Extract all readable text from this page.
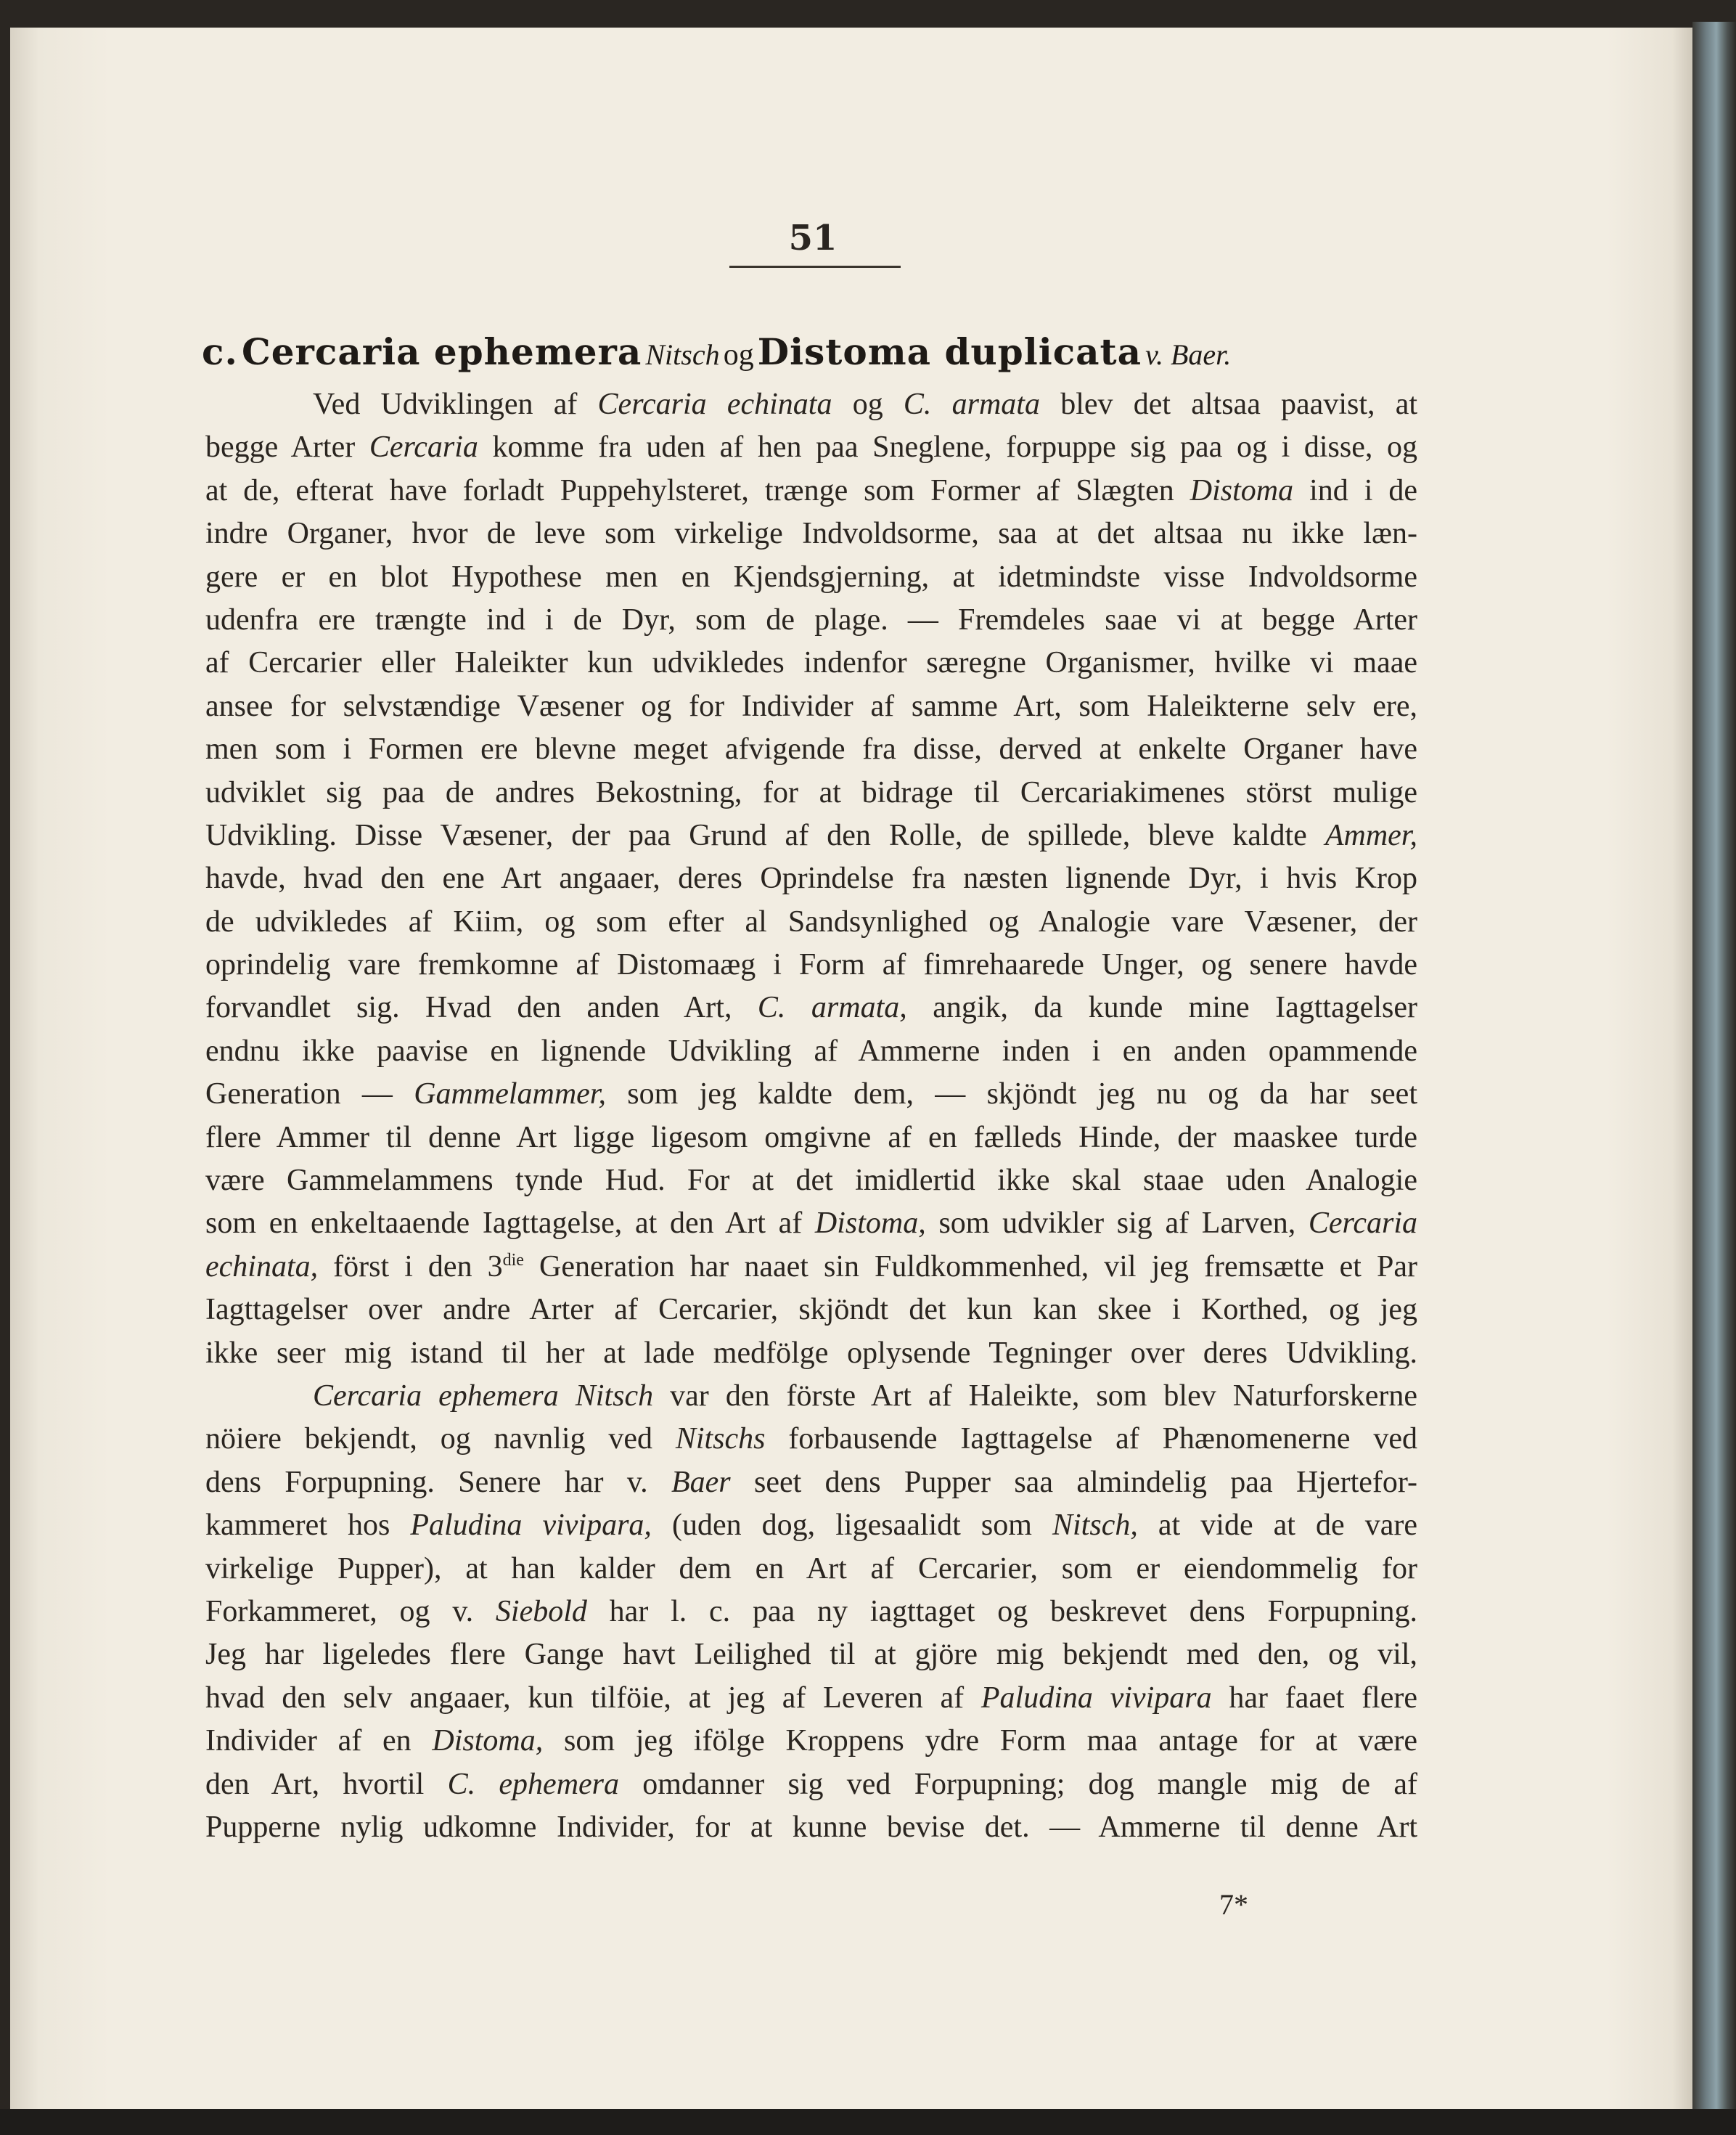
51
c. Cercaria ephemera Nitsch og Distoma duplicata v. Baer.
Ved Udviklingen af Cercaria echinata og C. armata blev det altsaa paavist, at
begge Arter Cercaria komme fra uden af hen paa Sneglene, forpuppe sig paa og i disse, og
at de, efterat have forladt Puppehylsteret, trænge som Former af Slægten Distoma ind i de
indre Organer, hvor de leve som virkelige Indvoldsorme, saa at det altsaa nu ikke læn-
gere er en blot Hypothese men en Kjendsgjerning, at idetmindste visse Indvoldsorme
udenfra ere trængte ind i de Dyr, som de plage. — Fremdeles saae vi at begge Arter
af Cercarier eller Haleikter kun udvikledes indenfor særegne Organismer, hvilke vi maae
ansee for selvstændige Væsener og for Individer af samme Art, som Haleikterne selv ere,
men som i Formen ere blevne meget afvigende fra disse, derved at enkelte Organer have
udviklet sig paa de andres Bekostning, for at bidrage til Cercariakimenes störst mulige
Udvikling. Disse Væsener, der paa Grund af den Rolle, de spillede, bleve kaldte Ammer,
havde, hvad den ene Art angaaer, deres Oprindelse fra næsten lignende Dyr, i hvis Krop
de udvikledes af Kiim, og som efter al Sandsynlighed og Analogie vare Væsener, der
oprindelig vare fremkomne af Distomaæg i Form af fimrehaarede Unger, og senere havde
forvandlet sig. Hvad den anden Art, C. armata, angik, da kunde mine Iagttagelser
endnu ikke paavise en lignende Udvikling af Ammerne inden i en anden opammende
Generation — Gammelammer, som jeg kaldte dem, — skjöndt jeg nu og da har seet
flere Ammer til denne Art ligge ligesom omgivne af en fælleds Hinde, der maaskee turde
være Gammelammens tynde Hud. For at det imidlertid ikke skal staae uden Analogie
som en enkeltaaende Iagttagelse, at den Art af Distoma, som udvikler sig af Larven, Cercaria
echinata, först i den $3^{die}$ Generation har naaet sin Fuldkommenhed, vil jeg fremsætte et Par
Iagttagelser over andre Arter af Cercarier, skjöndt det kun kan skee i Korthed, og jeg
ikke seer mig istand til her at lade medfölge oplysende Tegninger over deres Udvikling.
Cercaria ephemera Nitsch var den förste Art af Haleikte, som blev Naturforskerne
nöiere bekjendt, og navnlig ved Nitschs forbausende Iagttagelse af Phænomenerne ved
dens Forpupning. Senere har v. Baer seet dens Pupper saa almindelig paa Hjertefor-
kammeret hos Paludina vivipara, (uden dog, ligesaalidt som Nitsch, at vide at de vare
virkelige Pupper), at han kalder dem en Art af Cercarier, som er eiendommelig for
Forkammeret, og v. Siebold har l. c. paa ny iagttaget og beskrevet dens Forpupning.
Jeg har ligeledes flere Gange havt Leilighed til at gjöre mig bekjendt med den, og vil,
hvad den selv angaaer, kun tilföie, at jeg af Leveren af Paludina vivipara har faaet flere
Individer af en Distoma, som jeg ifölge Kroppens ydre Form maa antage for at være
den Art, hvortil C. ephemera omdanner sig ved Forpupning; dog mangle mig de af
Pupperne nylig udkomne Individer, for at kunne bevise det. — Ammerne til denne Art
7*
